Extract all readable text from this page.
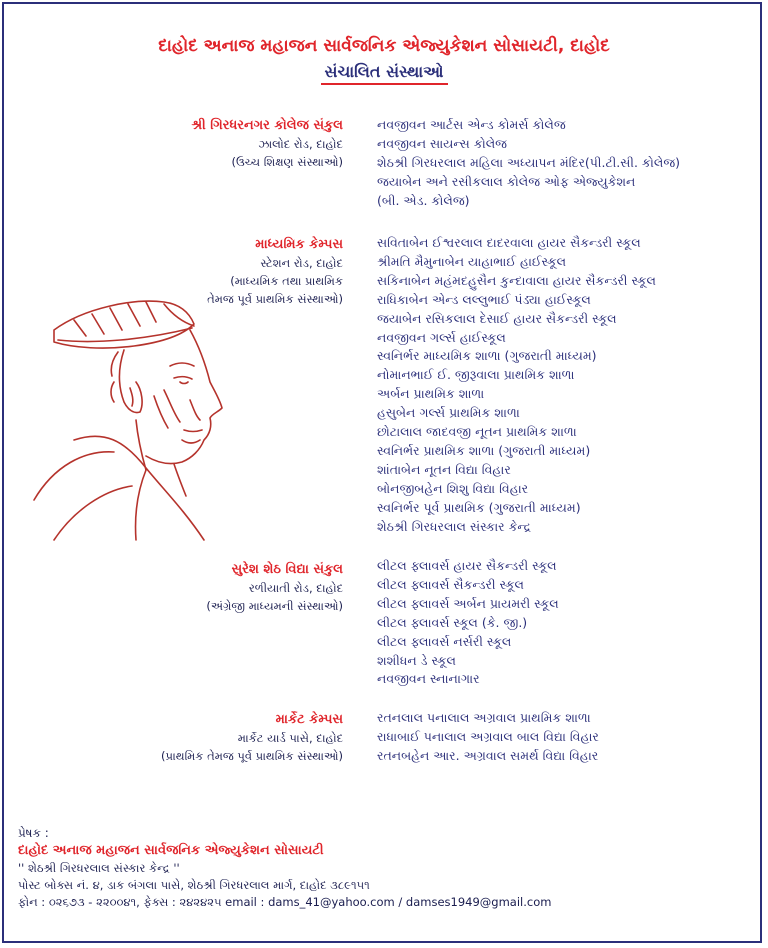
દાહોદ અનાજ મહાજન સાર્વજનિક એજ્યુકેશન સોસાયટી, દાહોદ
સંચાલિત સંસ્થાઓ
શ્રી ગિરધરનગર કોલેજ સંકુલ
ઝાલોદ રોડ, દાહોદ
(ઉચ્ચ શિક્ષણ સંસ્થાઓ)
નવજીવન આર્ટસ એન્ડ કોમર્સ કોલેજ
નવજીવન સાયન્સ કોલેજ
શેઠશ્રી ગિરધરલાલ મહિલા અધ્યાપન મંદિર(પી.ટી.સી. કોલેજ)
જયાબેન અને રસીકલાલ કોલેજ ઓફ એજ્યુકેશન
(બી. એડ. કોલેજ)
માધ્યમિક કેમ્પસ
સ્ટેશન રોડ, દાહોદ
(માધ્યમિક તથા પ્રાથમિક
તેમજ પૂર્વ પ્રાથમિક સંસ્થાઓ)
સવિતાબેન ઈશ્વરલાલ દાદરવાલા હાયર સૈકન્ડરી સ્કૂલ
શ્રીમતિ મૈમુનાબેન યાહાભાઈ હાઈસ્કૂલ
સકિનાબેન મહંમદહુસૈન કુન્દાવાલા હાયર સૈકન્ડરી સ્કૂલ
રાધિકાબેન એન્ડ લલ્લુભાઈ પંડ્યા હાઈસ્કૂલ
જયાબેન રસિકલાલ દેસાઈ હાયર સૈકન્ડરી સ્કૂલ
નવજીવન ગર્લ્સ હાઈસ્કૂલ
સ્વનિર્ભર માધ્યમિક શાળા (ગુજરાતી માધ્યમ)
નોમાનભાઈ ઈ. જીરૂવાલા પ્રાથમિક શાળા
અર્બન પ્રાથમિક શાળા
હસુબેન ગર્લ્સ પ્રાથમિક શાળા
છોટાલાલ જાદવજી નૂતન પ્રાથમિક શાળા
સ્વનિર્ભર પ્રાથમિક શાળા (ગુજરાતી માધ્યમ)
શાંતાબેન નૂતન વિદ્યા વિહાર
બોનજીબહેન શિશુ વિદ્યા વિહાર
સ્વનિર્ભર પૂર્વ પ્રાથમિક (ગુજરાતી માધ્યમ)
શેઠશ્રી ગિરધરલાલ સંસ્કાર કેન્દ્ર
સુરેશ શેઠ વિદ્યા સંકુલ
રળીયાતી રોડ, દાહોદ
(અંગ્રેજી માધ્યમની સંસ્થાઓ)
લીટલ ફ્લાવર્સ હાયર સૈકન્ડરી સ્કૂલ
લીટલ ફ્લાવર્સ સૈકન્ડરી સ્કૂલ
લીટલ ફ્લાવર્સ અર્બન પ્રાયમરી સ્કૂલ
લીટલ ફ્લાવર્સ સ્કૂલ (કે. જી.)
લીટલ ફ્લાવર્સ નર્સરી સ્કૂલ
શશીધન ડે સ્કૂલ
નવજીવન સ્નાનાગાર
માર્કેટ કેમ્પસ
માર્કેટ યાર્ડ પાસે, દાહોદ
(પ્રાથમિક તેમજ પૂર્વ પ્રાથમિક સંસ્થાઓ)
રતનલાલ પનાલાલ અગ્રવાલ પ્રાથમિક શાળા
રાધાબાઈ પનાલાલ અગ્રવાલ બાલ વિદ્યા વિહાર
રતનબહેન આર. અગ્રવાલ સમર્થ વિદ્યા વિહાર
પ્રેષક :
દાહોદ અનાજ મહાજન સાર્વજનિક એજ્યુકેશન સોસાયટી
'' શેઠશ્રી ગિરધરલાલ સંસ્કાર કેન્દ્ર ''
પોસ્ટ બોક્સ નં. ૪, ડાક બંગલા પાસે, શેઠશ્રી ગિરધરલાલ માર્ગ, દાહોદ ૩૮૯૧૫૧
ફોન : ૦૨૬૭૩ - ૨૨૦૦૪૧, ફેક્સ : ૨૪૨૪૨૫ email : dams_41@yahoo.com / damses1949@gmail.com
